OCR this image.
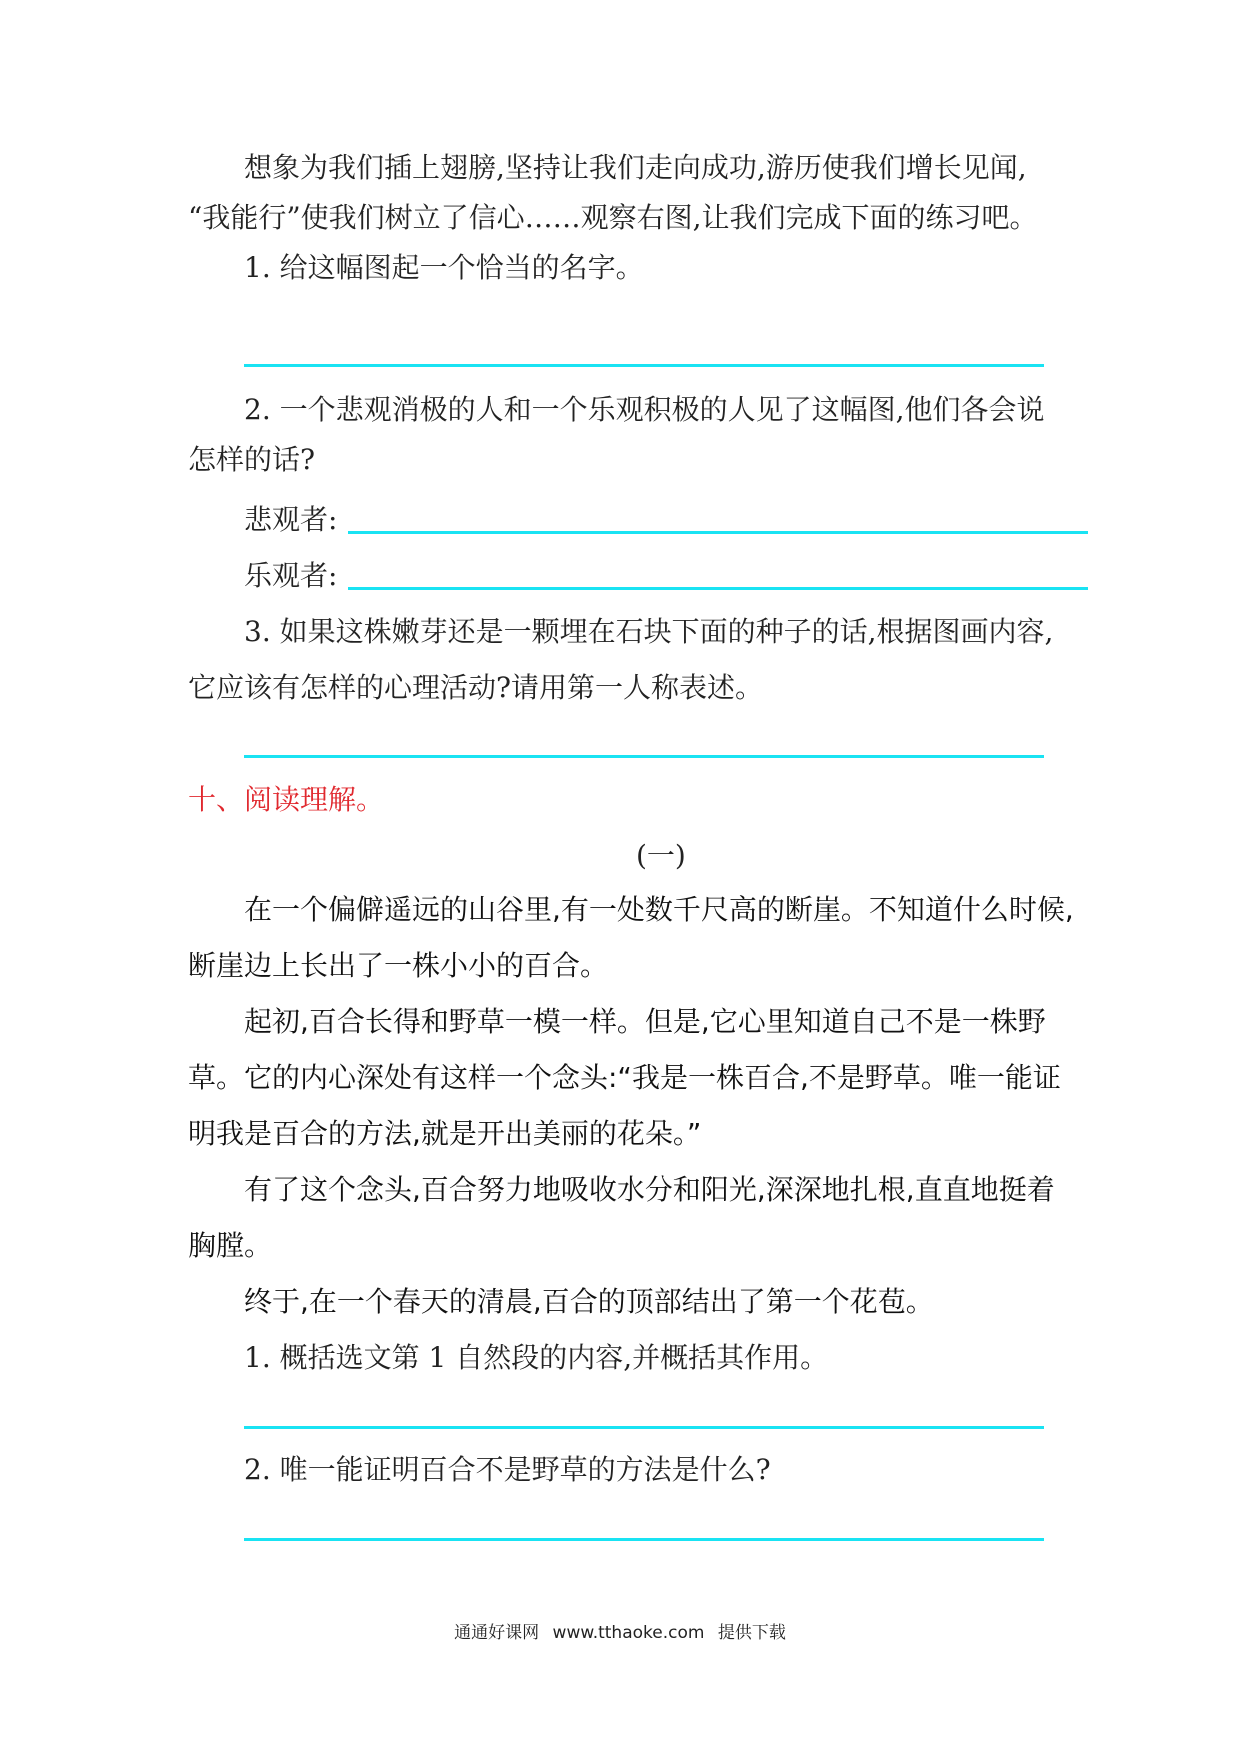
想象为我们插上翅膀,坚持让我们走向成功,游历使我们增长见闻,
“我能行”使我们树立了信心……观察右图,让我们完成下面的练习吧。
1. 给这幅图起一个恰当的名字。
2. 一个悲观消极的人和一个乐观积极的人见了这幅图,他们各会说
怎样的话?
悲观者:
乐观者:
3. 如果这株嫩芽还是一颗埋在石块下面的种子的话,根据图画内容,
它应该有怎样的心理活动?请用第一人称表述。
十、阅读理解。
(一)
在一个偏僻遥远的山谷里,有一处数千尺高的断崖。不知道什么时候,
断崖边上长出了一株小小的百合。
起初,百合长得和野草一模一样。但是,它心里知道自己不是一株野
草。它的内心深处有这样一个念头:“我是一株百合,不是野草。唯一能证
明我是百合的方法,就是开出美丽的花朵。”
有了这个念头,百合努力地吸收水分和阳光,深深地扎根,直直地挺着
胸膛。
终于,在一个春天的清晨,百合的顶部结出了第一个花苞。
1. 概括选文第 1 自然段的内容,并概括其作用。
2. 唯一能证明百合不是野草的方法是什么?
通通好课网 www.tthaoke.com 提供下载
